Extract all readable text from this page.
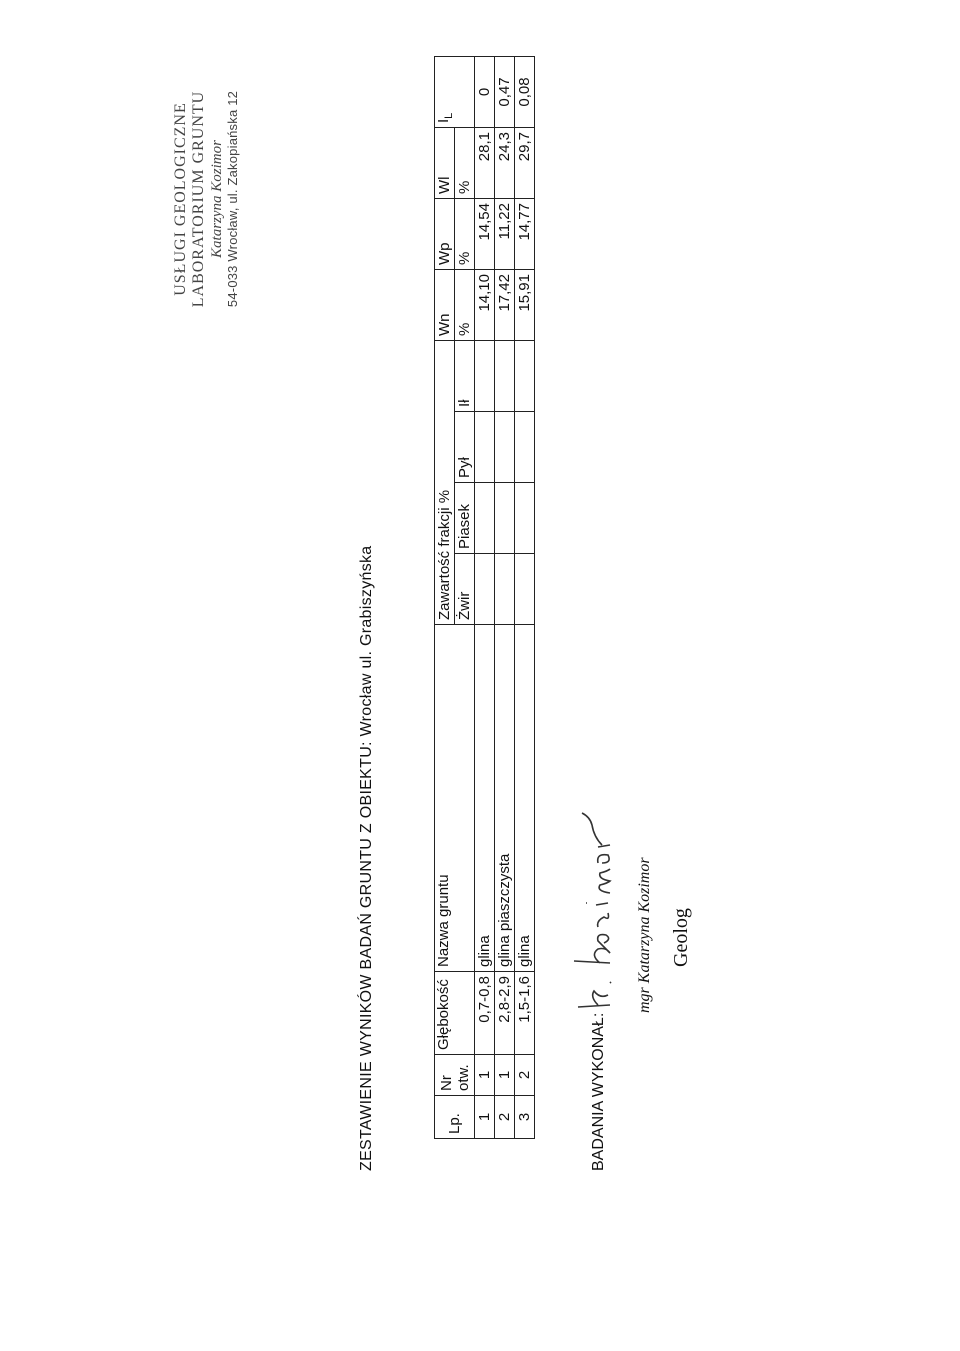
USŁUGI GEOLOGICZNE LABORATORIUM GRUNTU Katarzyna Kozimor 54-033 Wrocław, ul. Zakopiańska 12
ZESTAWIENIE WYNIKÓW BADAŃ GRUNTU Z OBIEKTU: Wrocław ul. Grabiszyńska	Lp.	Nr
otw.	Głębokość	Nazwa gruntu	Zawartość frakcji %				Wn	Wp	Wl	$I_L$
				Żwir	Piasek	Pył	Ił	%	%	%	
1	1	0,7-0,8	glina					14,10	14,54	28,1	0
2	1	2,8-2,9	glina piaszczysta					17,42	11,22	24,3	0,47
3	2	1,5-1,6	glina					15,91	14,77	29,7	0,08
BADANIA WYKONAŁ:
mgr Katarzyna Kozimor Geolog
